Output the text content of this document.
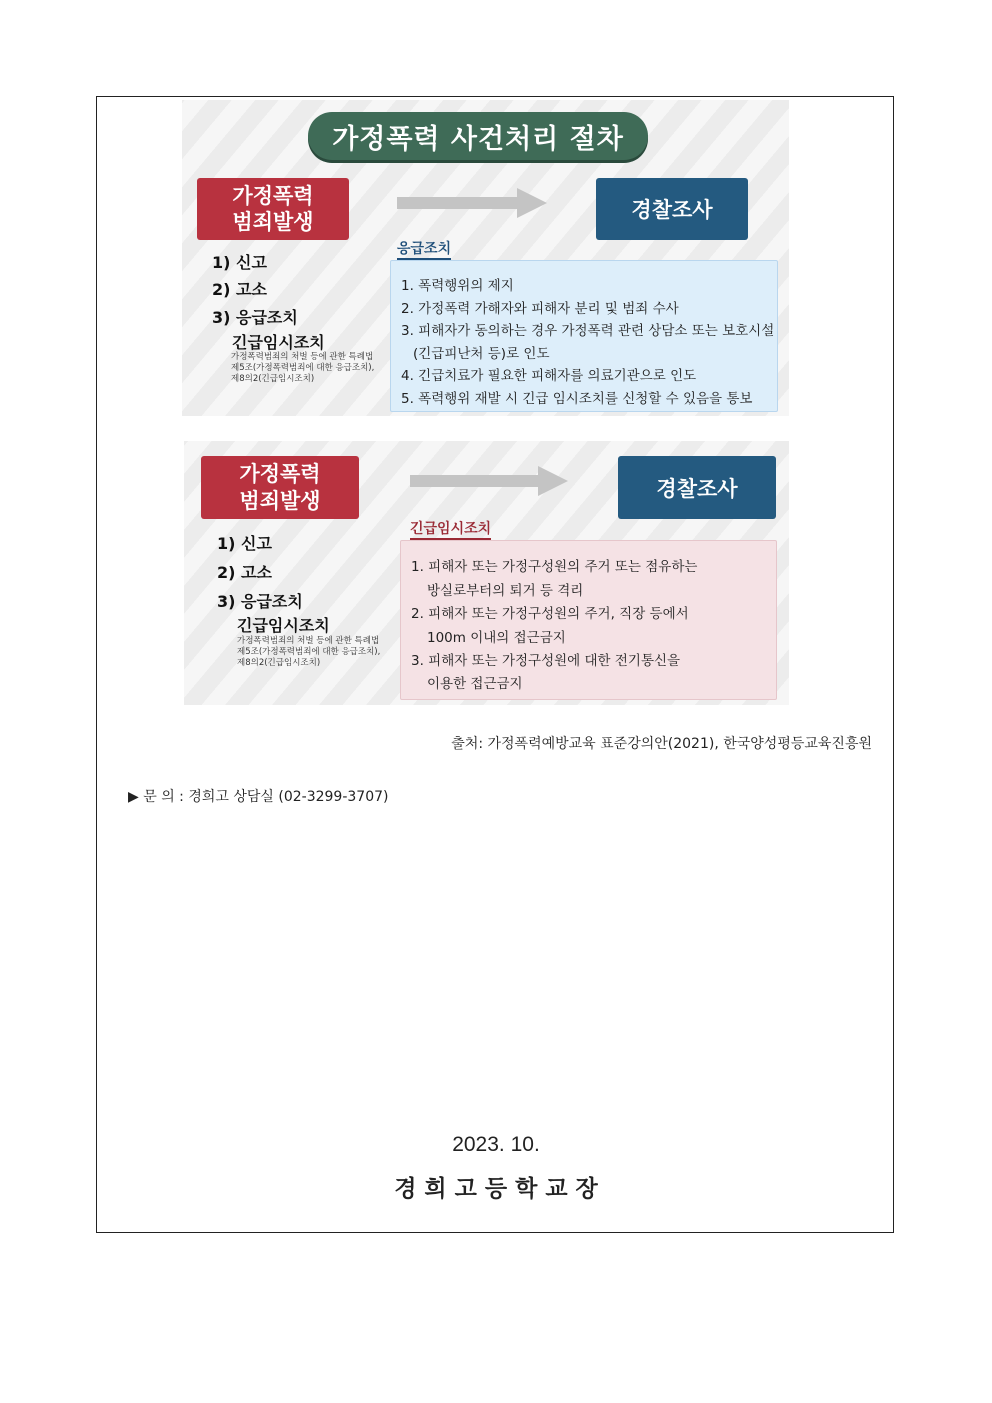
가정폭력 사건처리 절차
가정폭력
범죄발생	경찰조사
1) 신고
2) 고소
3) 응급조치
긴급임시조치
가정폭력범죄의 처벌 등에 관한 특례법
제5조(가정폭력범죄에 대한 응급조치),
제8의2(긴급임시조치)
응급조치
1. 폭력행위의 제지
2. 가정폭력 가해자와 피해자 분리 및 범죄 수사
3. 피해자가 동의하는 경우 가정폭력 관련 상담소 또는 보호시설
(긴급피난처 등)로 인도
4. 긴급치료가 필요한 피해자를 의료기관으로 인도
5. 폭력행위 재발 시 긴급 임시조치를 신청할 수 있음을 통보
가정폭력
범죄발생	경찰조사
1) 신고
2) 고소
3) 응급조치
긴급임시조치
가정폭력범죄의 처벌 등에 관한 특례법
제5조(가정폭력범죄에 대한 응급조치),
제8의2(긴급임시조치)
긴급임시조치
1. 피해자 또는 가정구성원의 주거 또는 점유하는
방실로부터의 퇴거 등 격리
2. 피해자 또는 가정구성원의 주거, 직장 등에서
100m 이내의 접근금지
3. 피해자 또는 가정구성원에 대한 전기통신을
이용한 접근금지
출처: 가정폭력예방교육 표준강의안(2021), 한국양성평등교육진흥원
▶ 문 의 : 경희고 상담실 (02-3299-3707)
2023. 10.
경 희 고 등 학 교 장
